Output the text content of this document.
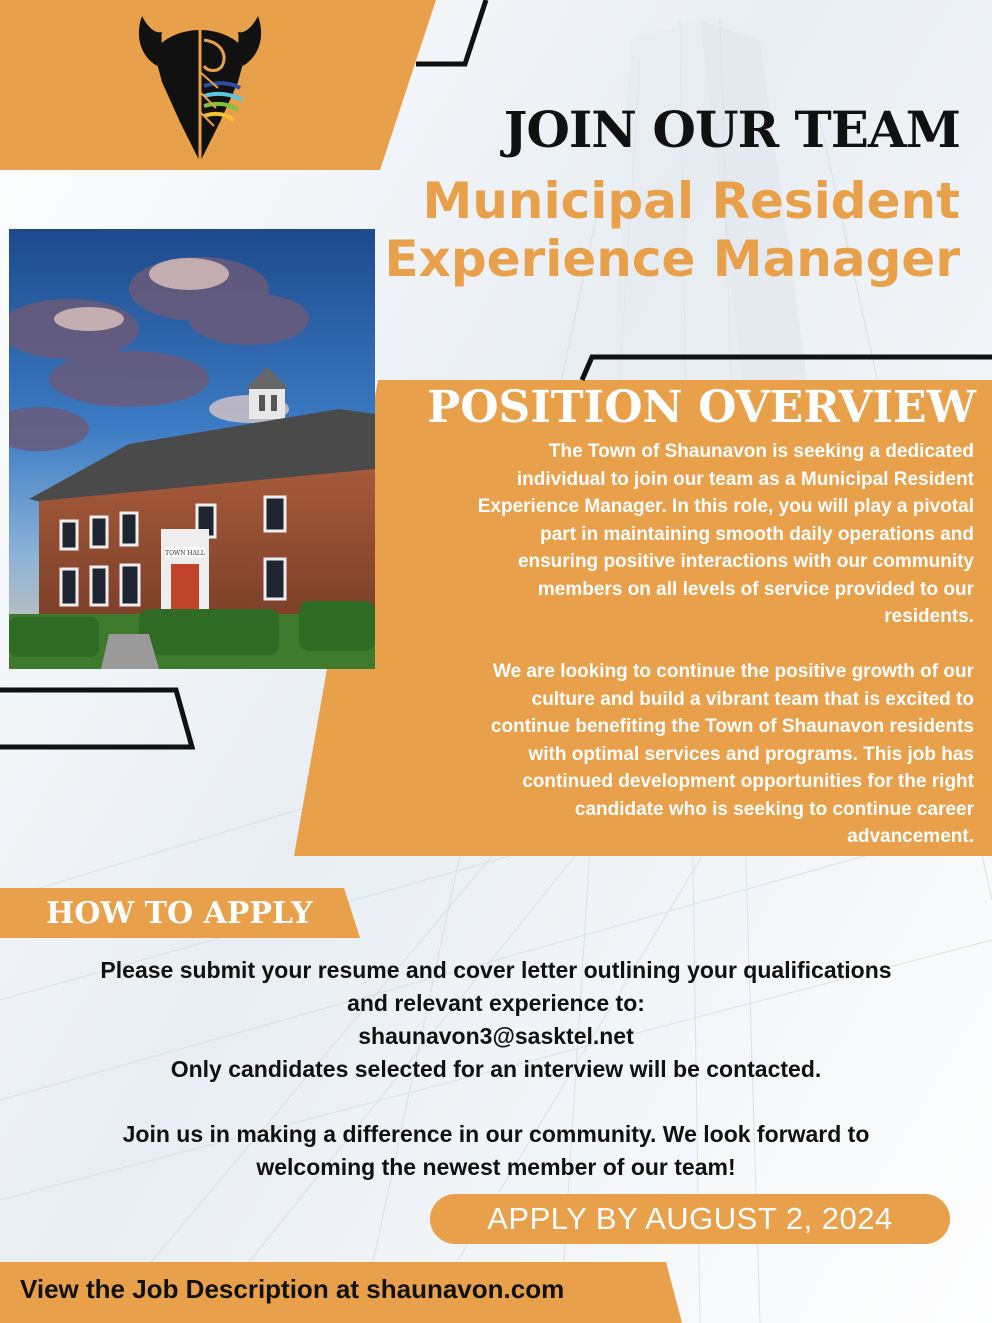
JOIN OUR TEAM
Municipal Resident
Experience Manager
TOWN HALL
POSITION OVERVIEW
The Town of Shaunavon is seeking a dedicated
individual to join our team as a Municipal Resident
Experience Manager. In this role, you will play a pivotal
part in maintaining smooth daily operations and
ensuring positive interactions with our community
members on all levels of service provided to our
residents.
We are looking to continue the positive growth of our
culture and build a vibrant team that is excited to
continue benefiting the Town of Shaunavon residents
with optimal services and programs. This job has
continued development opportunities for the right
candidate who is seeking to continue career
advancement.
HOW TO APPLY
Please submit your resume and cover letter outlining your qualifications
and relevant experience to:
shaunavon3@sasktel.net
Only candidates selected for an interview will be contacted.
Join us in making a difference in our community. We look forward to
welcoming the newest member of our team!
APPLY BY AUGUST 2, 2024
View the Job Description at shaunavon.com
